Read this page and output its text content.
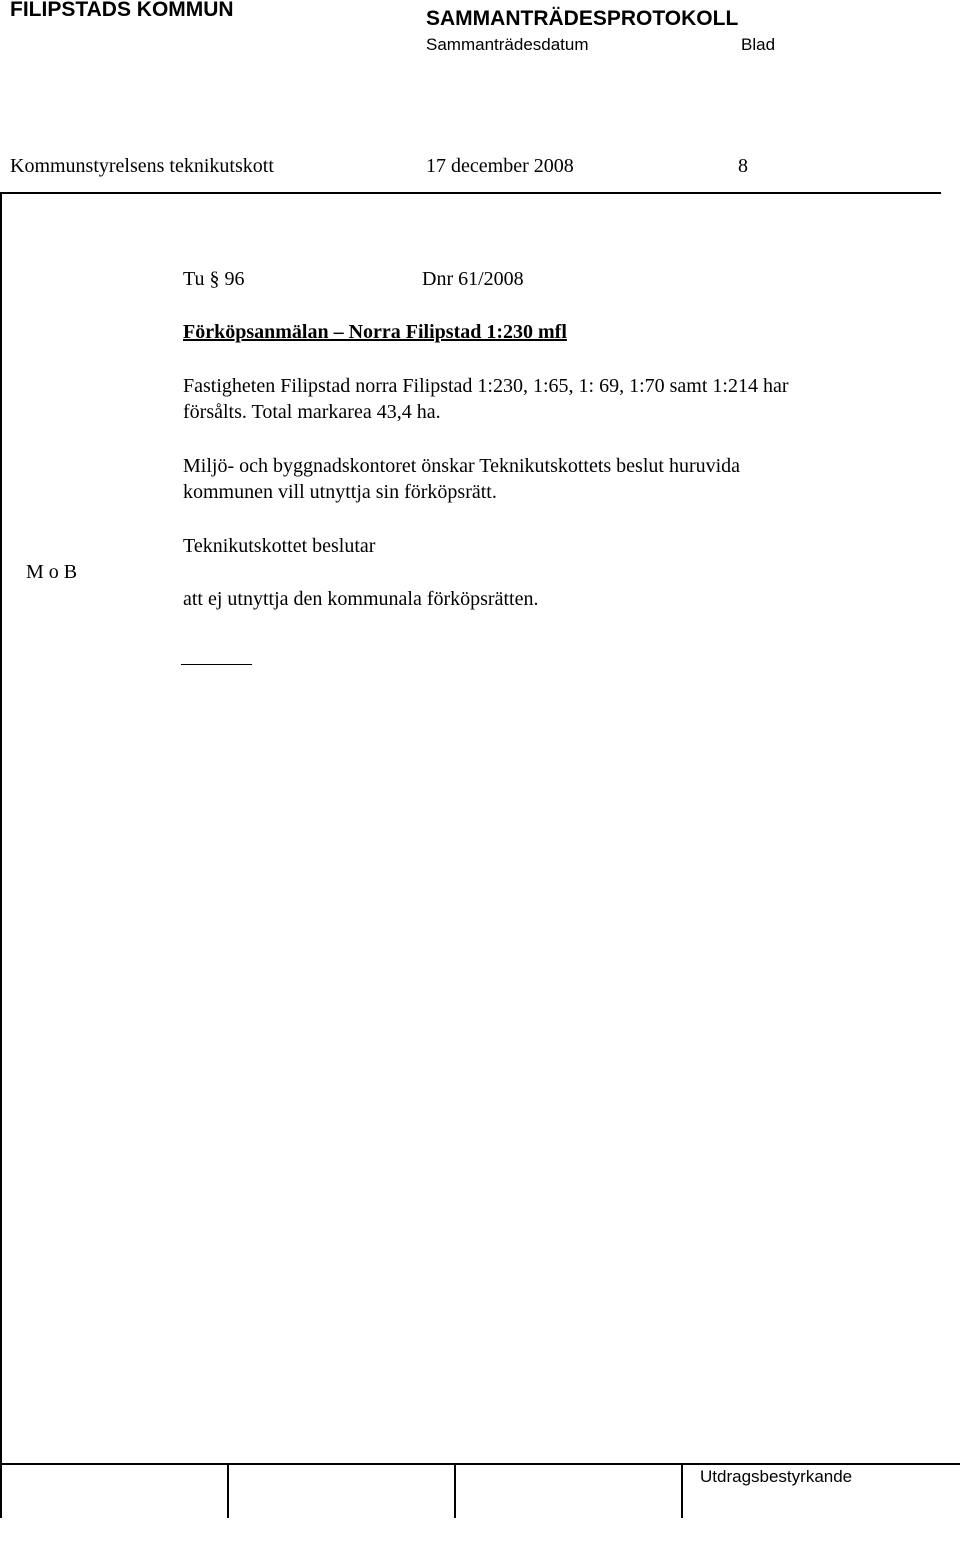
FILIPSTADS KOMMUN	SAMMANTRÄDESPROTOKOLL
Sammanträdesdatum	Blad
Kommunstyrelsens teknikutskott	17 december 2008	8
Tu § 96	Dnr 61/2008
Förköpsanmälan – Norra Filipstad 1:230 mfl
Fastigheten Filipstad norra Filipstad 1:230, 1:65, 1: 69, 1:70 samt 1:214 har
försålts. Total markarea 43,4 ha.
Miljö- och byggnadskontoret önskar Teknikutskottets beslut huruvida
kommunen vill utnyttja sin förköpsrätt.
M o B
Teknikutskottet beslutar
att ej utnyttja den kommunala förköpsrätten.
Utdragsbestyrkande
